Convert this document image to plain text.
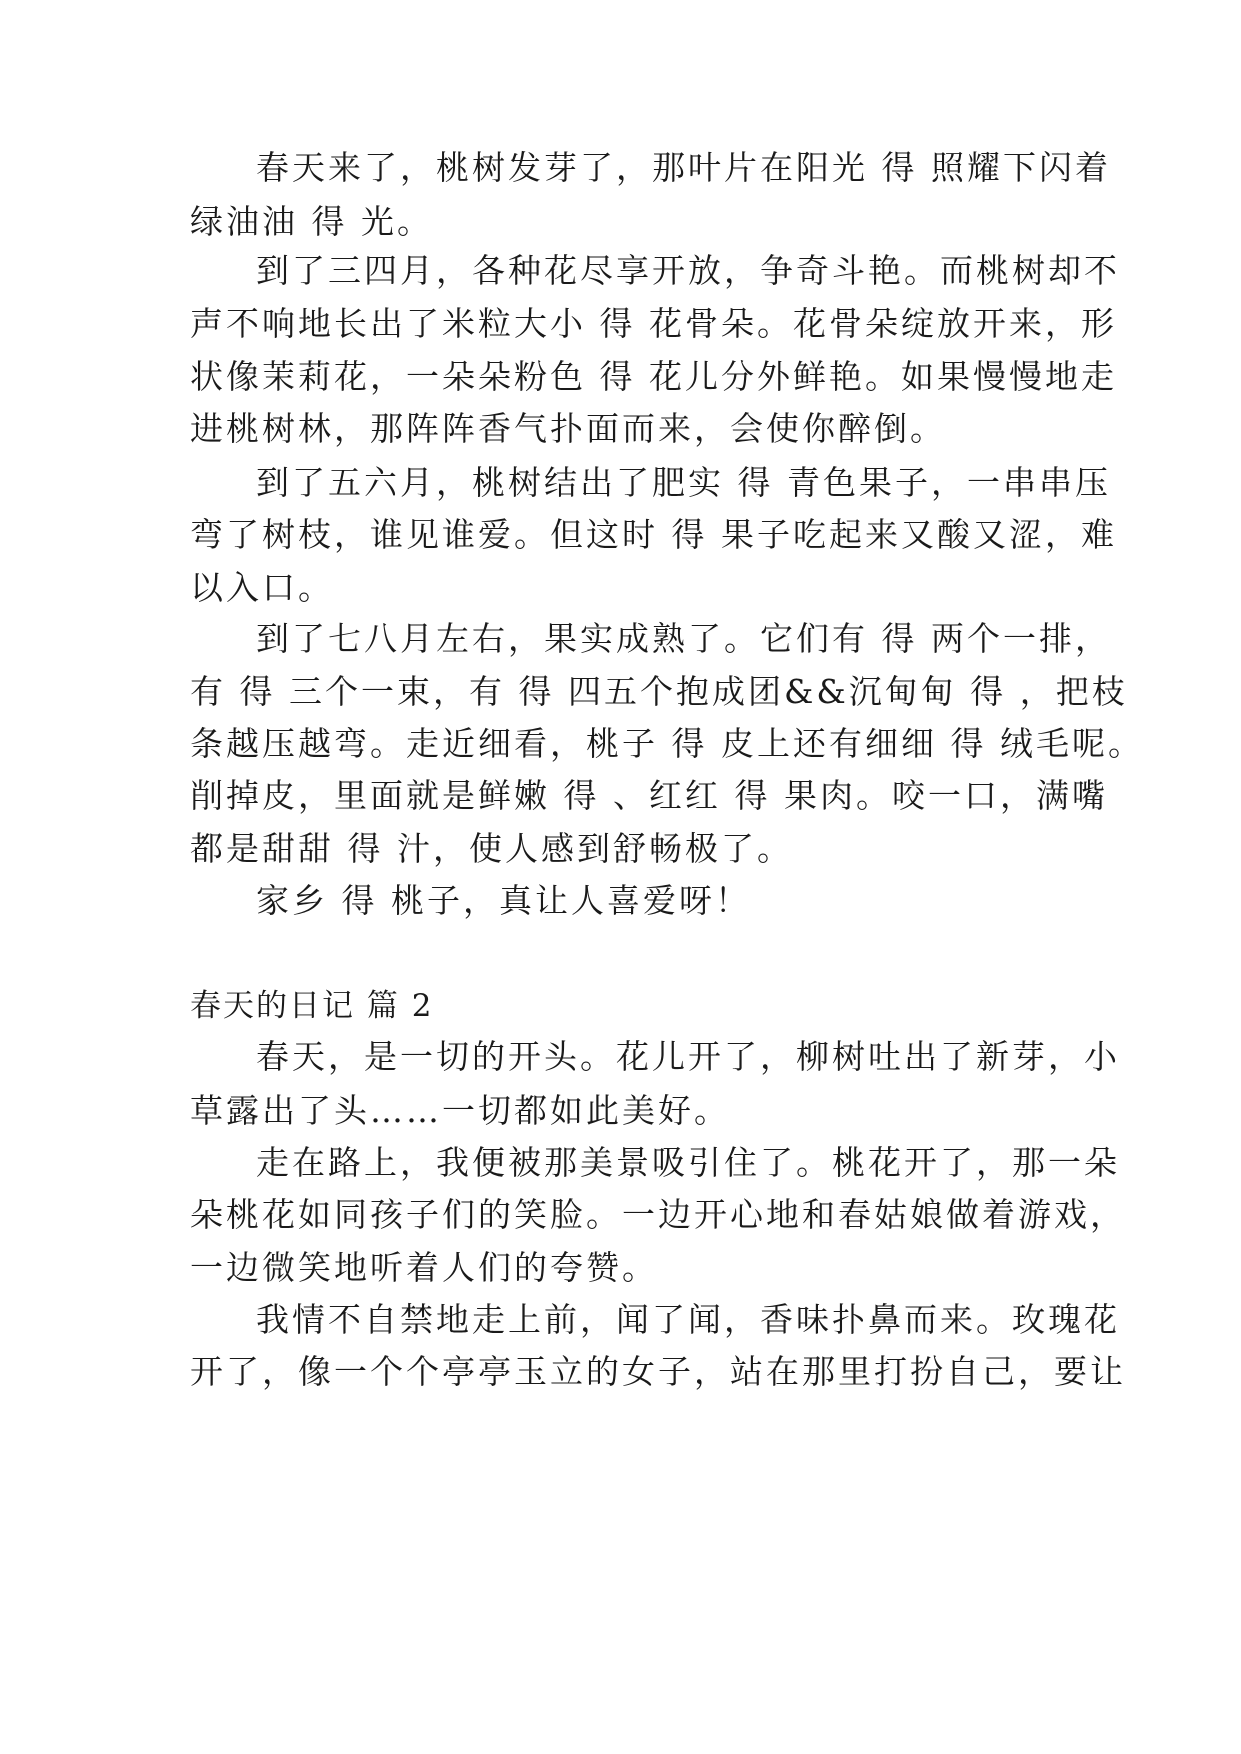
春天来了，桃树发芽了，那叶片在阳光 得 照耀下闪着
绿油油 得 光。
到了三四月，各种花尽享开放，争奇斗艳。而桃树却不
声不响地长出了米粒大小 得 花骨朵。花骨朵绽放开来，形
状像茉莉花，一朵朵粉色 得 花儿分外鲜艳。如果慢慢地走
进桃树林，那阵阵香气扑面而来，会使你醉倒。
到了五六月，桃树结出了肥实 得 青色果子，一串串压
弯了树枝，谁见谁爱。但这时 得 果子吃起来又酸又涩，难
以入口。
到了七八月左右，果实成熟了。它们有 得 两个一排，
有 得 三个一束，有 得 四五个抱成团&&沉甸甸 得 ，把枝
条越压越弯。走近细看，桃子 得 皮上还有细细 得 绒毛呢。
削掉皮，里面就是鲜嫩 得 、红红 得 果肉。咬一口，满嘴
都是甜甜 得 汁，使人感到舒畅极了。
家乡 得 桃子，真让人喜爱呀！
春天的日记 篇 2
春天，是一切的开头。花儿开了，柳树吐出了新芽，小
草露出了头……一切都如此美好。
走在路上，我便被那美景吸引住了。桃花开了，那一朵
朵桃花如同孩子们的笑脸。一边开心地和春姑娘做着游戏，
一边微笑地听着人们的夸赞。
我情不自禁地走上前，闻了闻，香味扑鼻而来。玫瑰花
开了，像一个个亭亭玉立的女子，站在那里打扮自己，要让
